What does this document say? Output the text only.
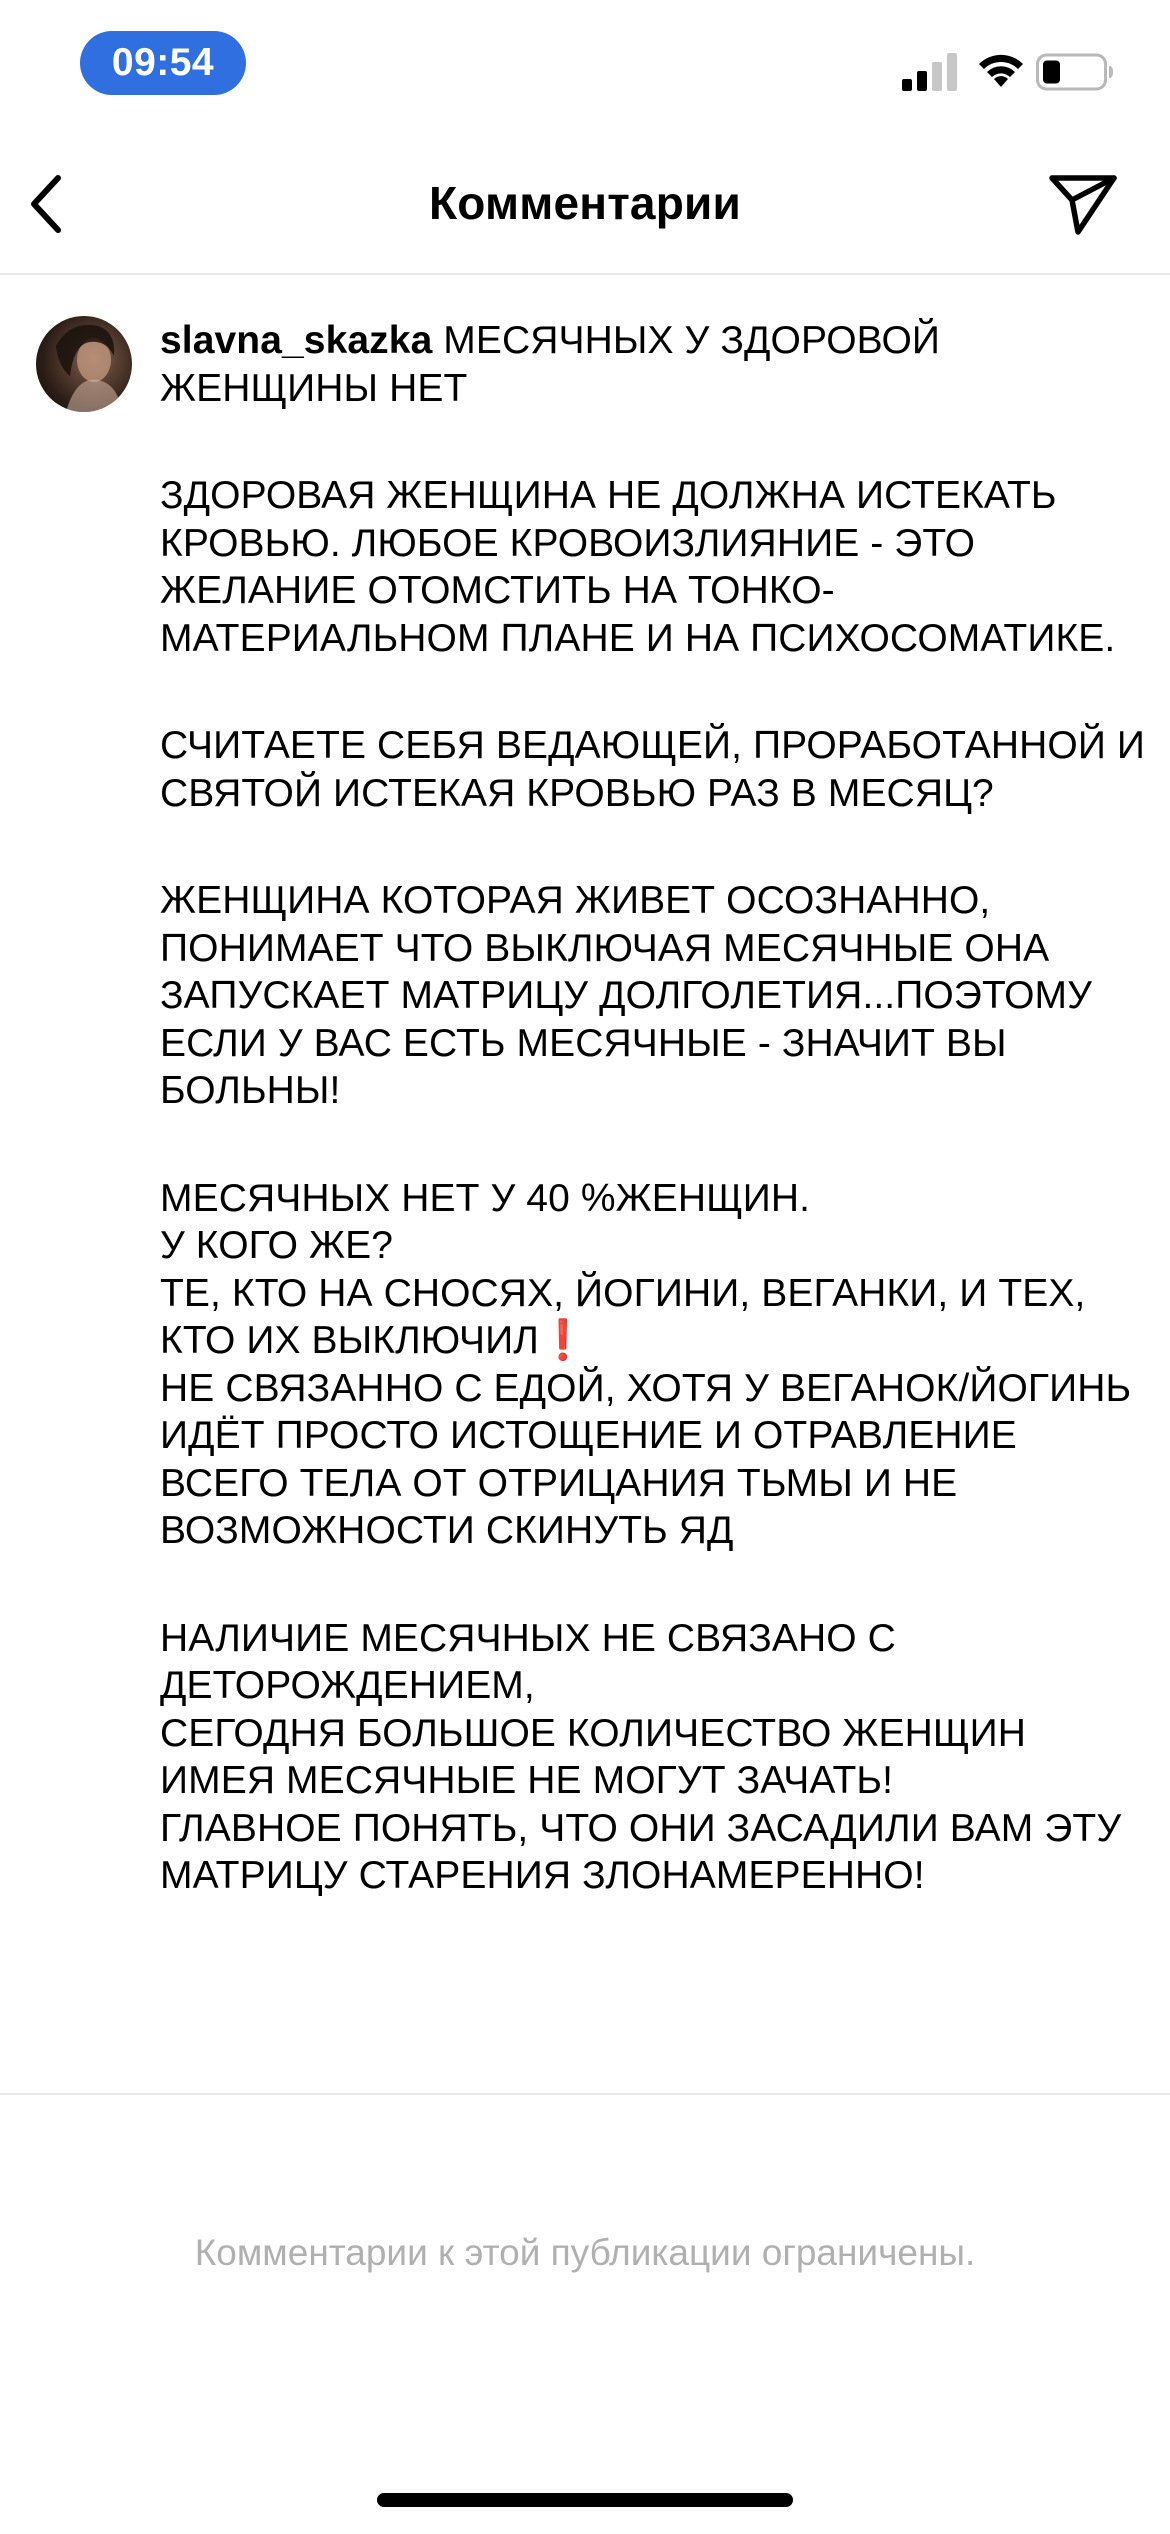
09:54
Комментарии

slavna_skazka МЕСЯЧНЫХ У ЗДОРОВОЙ ЖЕНЩИНЫ НЕТ

ЗДОРОВАЯ ЖЕНЩИНА НЕ ДОЛЖНА ИСТЕКАТЬ КРОВЬЮ. ЛЮБОЕ КРОВОИЗЛИЯНИЕ - ЭТО ЖЕЛАНИЕ ОТОМСТИТЬ НА ТОНКО-МАТЕРИАЛЬНОМ ПЛАНЕ И НА ПСИХОСОМАТИКЕ.

СЧИТАЕТЕ СЕБЯ ВЕДАЮЩЕЙ, ПРОРАБОТАННОЙ И СВЯТОЙ ИСТЕКАЯ КРОВЬЮ РАЗ В МЕСЯЦ?

ЖЕНЩИНА КОТОРАЯ ЖИВЕТ ОСОЗНАННО, ПОНИМАЕТ ЧТО ВЫКЛЮЧАЯ МЕСЯЧНЫЕ ОНА ЗАПУСКАЕТ МАТРИЦУ ДОЛГОЛЕТИЯ...ПОЭТОМУ ЕСЛИ У ВАС ЕСТЬ МЕСЯЧНЫЕ - ЗНАЧИТ ВЫ БОЛЬНЫ!

МЕСЯЧНЫХ НЕТ У 40 %ЖЕНЩИН.

У КОГО ЖЕ?

ТЕ, КТО НА СНОСЯХ, ЙОГИНИ, ВЕГАНКИ, И ТЕХ, КТО ИХ ВЫКЛЮЧИЛ❗

НЕ СВЯЗАННО С ЕДОЙ, ХОТЯ У ВЕГАНОК/ЙОГИНЬ ИДЁТ ПРОСТО ИСТОЩЕНИЕ И ОТРАВЛЕНИЕ ВСЕГО ТЕЛА ОТ ОТРИЦАНИЯ ТЬМЫ И НЕ ВОЗМОЖНОСТИ СКИНУТЬ ЯД

НАЛИЧИЕ МЕСЯЧНЫХ НЕ СВЯЗАНО С ДЕТОРОЖДЕНИЕМ,

СЕГОДНЯ БОЛЬШОЕ КОЛИЧЕСТВО ЖЕНЩИН ИМЕЯ МЕСЯЧНЫЕ НЕ МОГУТ ЗАЧАТЬ!

ГЛАВНОЕ ПОНЯТЬ, ЧТО ОНИ ЗАСАДИЛИ ВАМ ЭТУ МАТРИЦУ СТАРЕНИЯ ЗЛОНАМЕРЕННО!

Комментарии к этой публикации ограничены.
